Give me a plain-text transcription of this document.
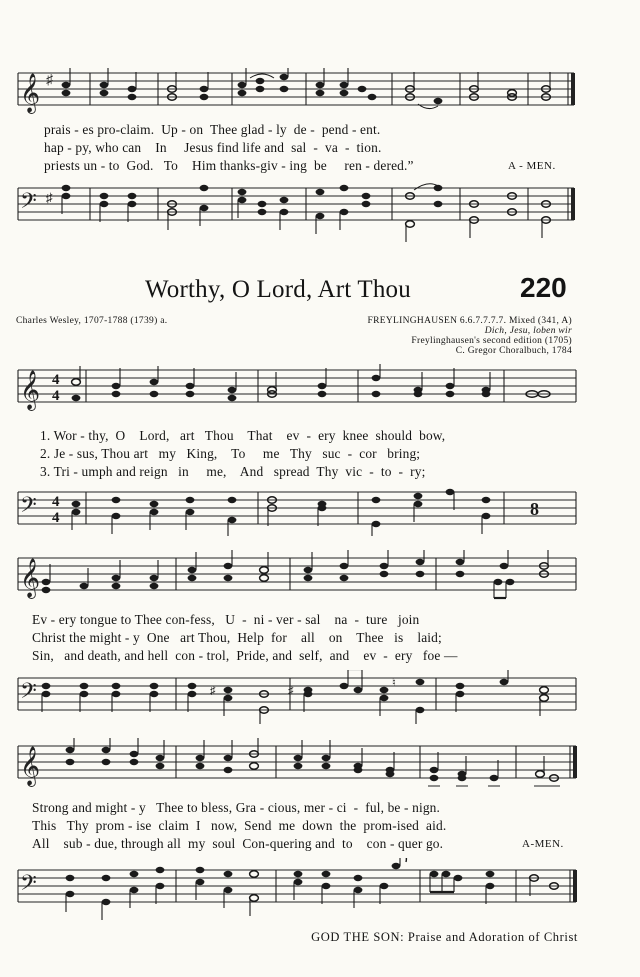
𝄞 ♯
prais - es pro-claim.  Up - on  Thee glad - ly  de -  pend - ent.
hap - py, who can    In     Jesus find life and  sal  -  va  -  tion.
priests un - to  God.   To    Him thanks-giv - ing  be     ren - dered.”	A - MEN.
𝄢 ♯
Worthy, O Lord, Art Thou	220
Charles Wesley, 1707-1788 (1739) a.	FREYLINGHAUSEN 6.6.7.7.7.7. Mixed (341, A)
Dich, Jesu, loben wir
Freylinghausen's second edition (1705)
C. Gregor Choralbuch, 1784
𝄞 4
4
1. Wor - thy,  O    Lord,   art   Thou    That    ev  -  ery  knee  should  bow,
2. Je - sus, Thou art   my   King,    To     me   Thy   suc  -  cor   bring;
3. Tri - umph and reign   in     me,    And   spread  Thy  vic  -  to  -  ry;
𝄢 4
4	8
𝄞
Ev - ery tongue to Thee con-fess,   U  -  ni - ver - sal    na  -  ture   join
Christ the might - y  One   art Thou,  Help  for    all    on    Thee   is    laid;
Sin,   and death, and hell  con - trol,  Pride, and  self,  and    ev  -  ery   foe —
𝄢	♯	♯
♮
𝄞
Strong and might - y   Thee to bless, Gra - cious, mer - ci  -  ful, be - nign.
This   Thy  prom - ise  claim  I   now,  Send  me  down  the  prom-ised  aid.
All    sub - due, through all  my  soul  Con-quering and  to    con - quer go.	A-MEN.
𝄢
GOD THE SON: Praise and Adoration of Christ
